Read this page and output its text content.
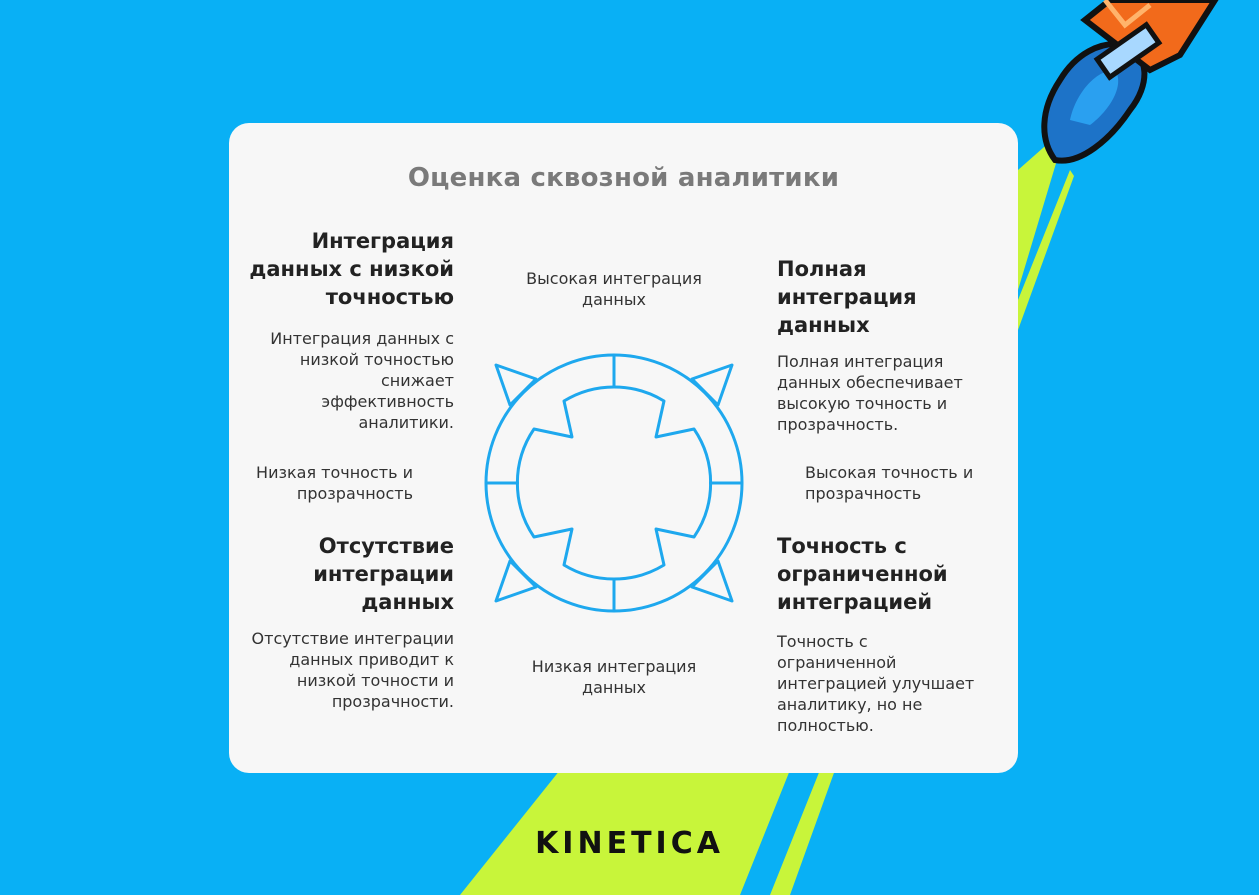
Оценка сквозной аналитики
Интеграция
данных с низкой
точностью
Интеграция данных с
низкой точностью
снижает
эффективность
аналитики.
Полная
интеграция
данных
Полная интеграция
данных обеспечивает
высокую точность и
прозрачность.
Отсутствие
интеграции
данных
Отсутствие интеграции
данных приводит к
низкой точности и
прозрачности.
Точность с
ограниченной
интеграцией
Точность с
ограниченной
интеграцией улучшает
аналитику, но не
полностью.
Высокая интеграция
данных
Низкая интеграция
данных
Низкая точность и
прозрачность
Высокая точность и
прозрачность
KINETICA
